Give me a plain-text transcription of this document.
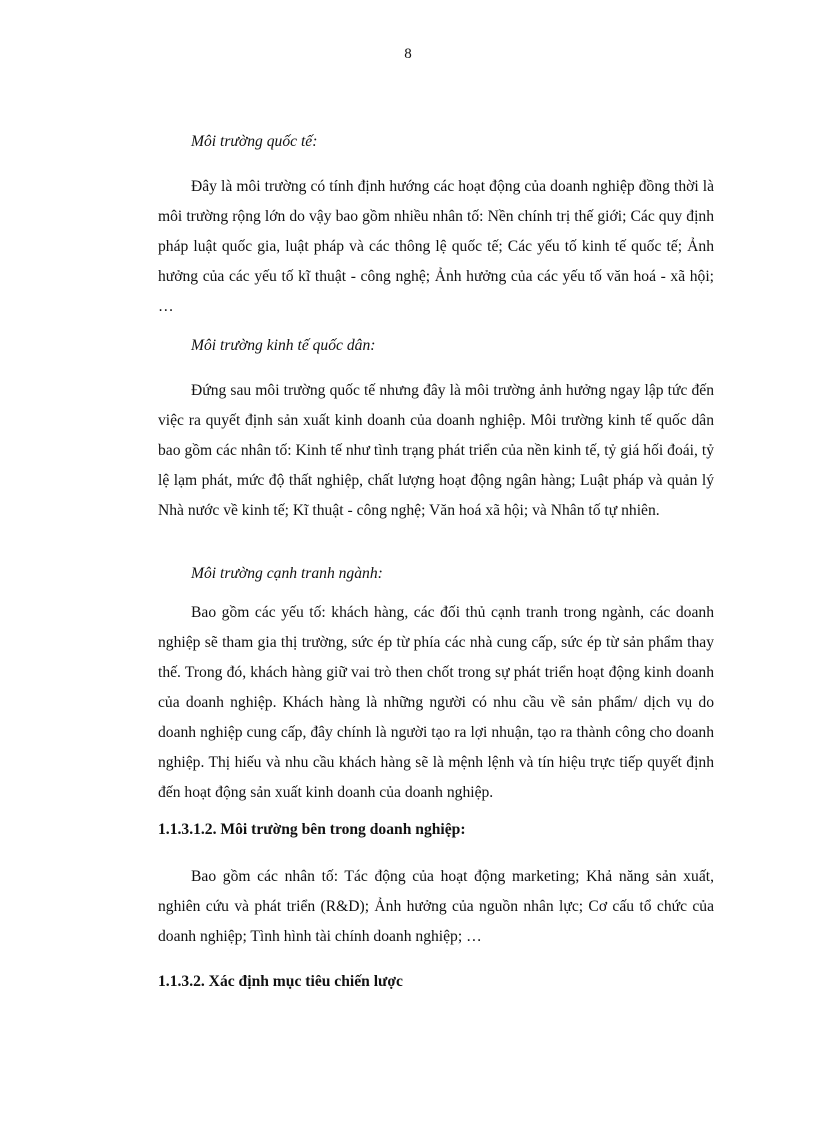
8

Môi trường quốc tế:

Đây là môi trường có tính định hướng các hoạt động của doanh nghiệp đồng thời là môi trường rộng lớn do vậy bao gồm nhiều nhân tố: Nền chính trị thế giới; Các quy định pháp luật quốc gia, luật pháp và các thông lệ quốc tế; Các yếu tố kinh tế quốc tế; Ảnh hưởng của các yếu tố kĩ thuật - công nghệ; Ảnh hưởng của các yếu tố văn hoá - xã hội; …

Môi trường kinh tế quốc dân:

Đứng sau môi trường quốc tế nhưng đây là môi trường ảnh hưởng ngay lập tức đến việc ra quyết định sản xuất kinh doanh của doanh nghiệp. Môi trường kinh tế quốc dân bao gồm các nhân tố: Kinh tế như tình trạng phát triển của nền kinh tế, tỷ giá hối đoái, tỷ lệ lạm phát, mức độ thất nghiệp, chất lượng hoạt động ngân hàng; Luật pháp và quản lý Nhà nước về kinh tế; Kĩ thuật - công nghệ; Văn hoá xã hội; và Nhân tố tự nhiên.

Môi trường cạnh tranh ngành:

Bao gồm các yếu tố: khách hàng, các đối thủ cạnh tranh trong ngành, các doanh nghiệp sẽ tham gia thị trường, sức ép từ phía các nhà cung cấp, sức ép từ sản phẩm thay thế. Trong đó, khách hàng giữ vai trò then chốt trong sự phát triển hoạt động kinh doanh của doanh nghiệp. Khách hàng là những người có nhu cầu về sản phẩm/ dịch vụ do doanh nghiệp cung cấp, đây chính là người tạo ra lợi nhuận, tạo ra thành công cho doanh nghiệp. Thị hiếu và nhu cầu khách hàng sẽ là mệnh lệnh và tín hiệu trực tiếp quyết định đến hoạt động sản xuất kinh doanh của doanh nghiệp.

1.1.3.1.2. Môi trường bên trong doanh nghiệp:

Bao gồm các nhân tố: Tác động của hoạt động marketing; Khả năng sản xuất, nghiên cứu và phát triển (R&D); Ảnh hưởng của nguồn nhân lực; Cơ cấu tổ chức của doanh nghiệp; Tình hình tài chính doanh nghiệp; …

1.1.3.2. Xác định mục tiêu chiến lược
